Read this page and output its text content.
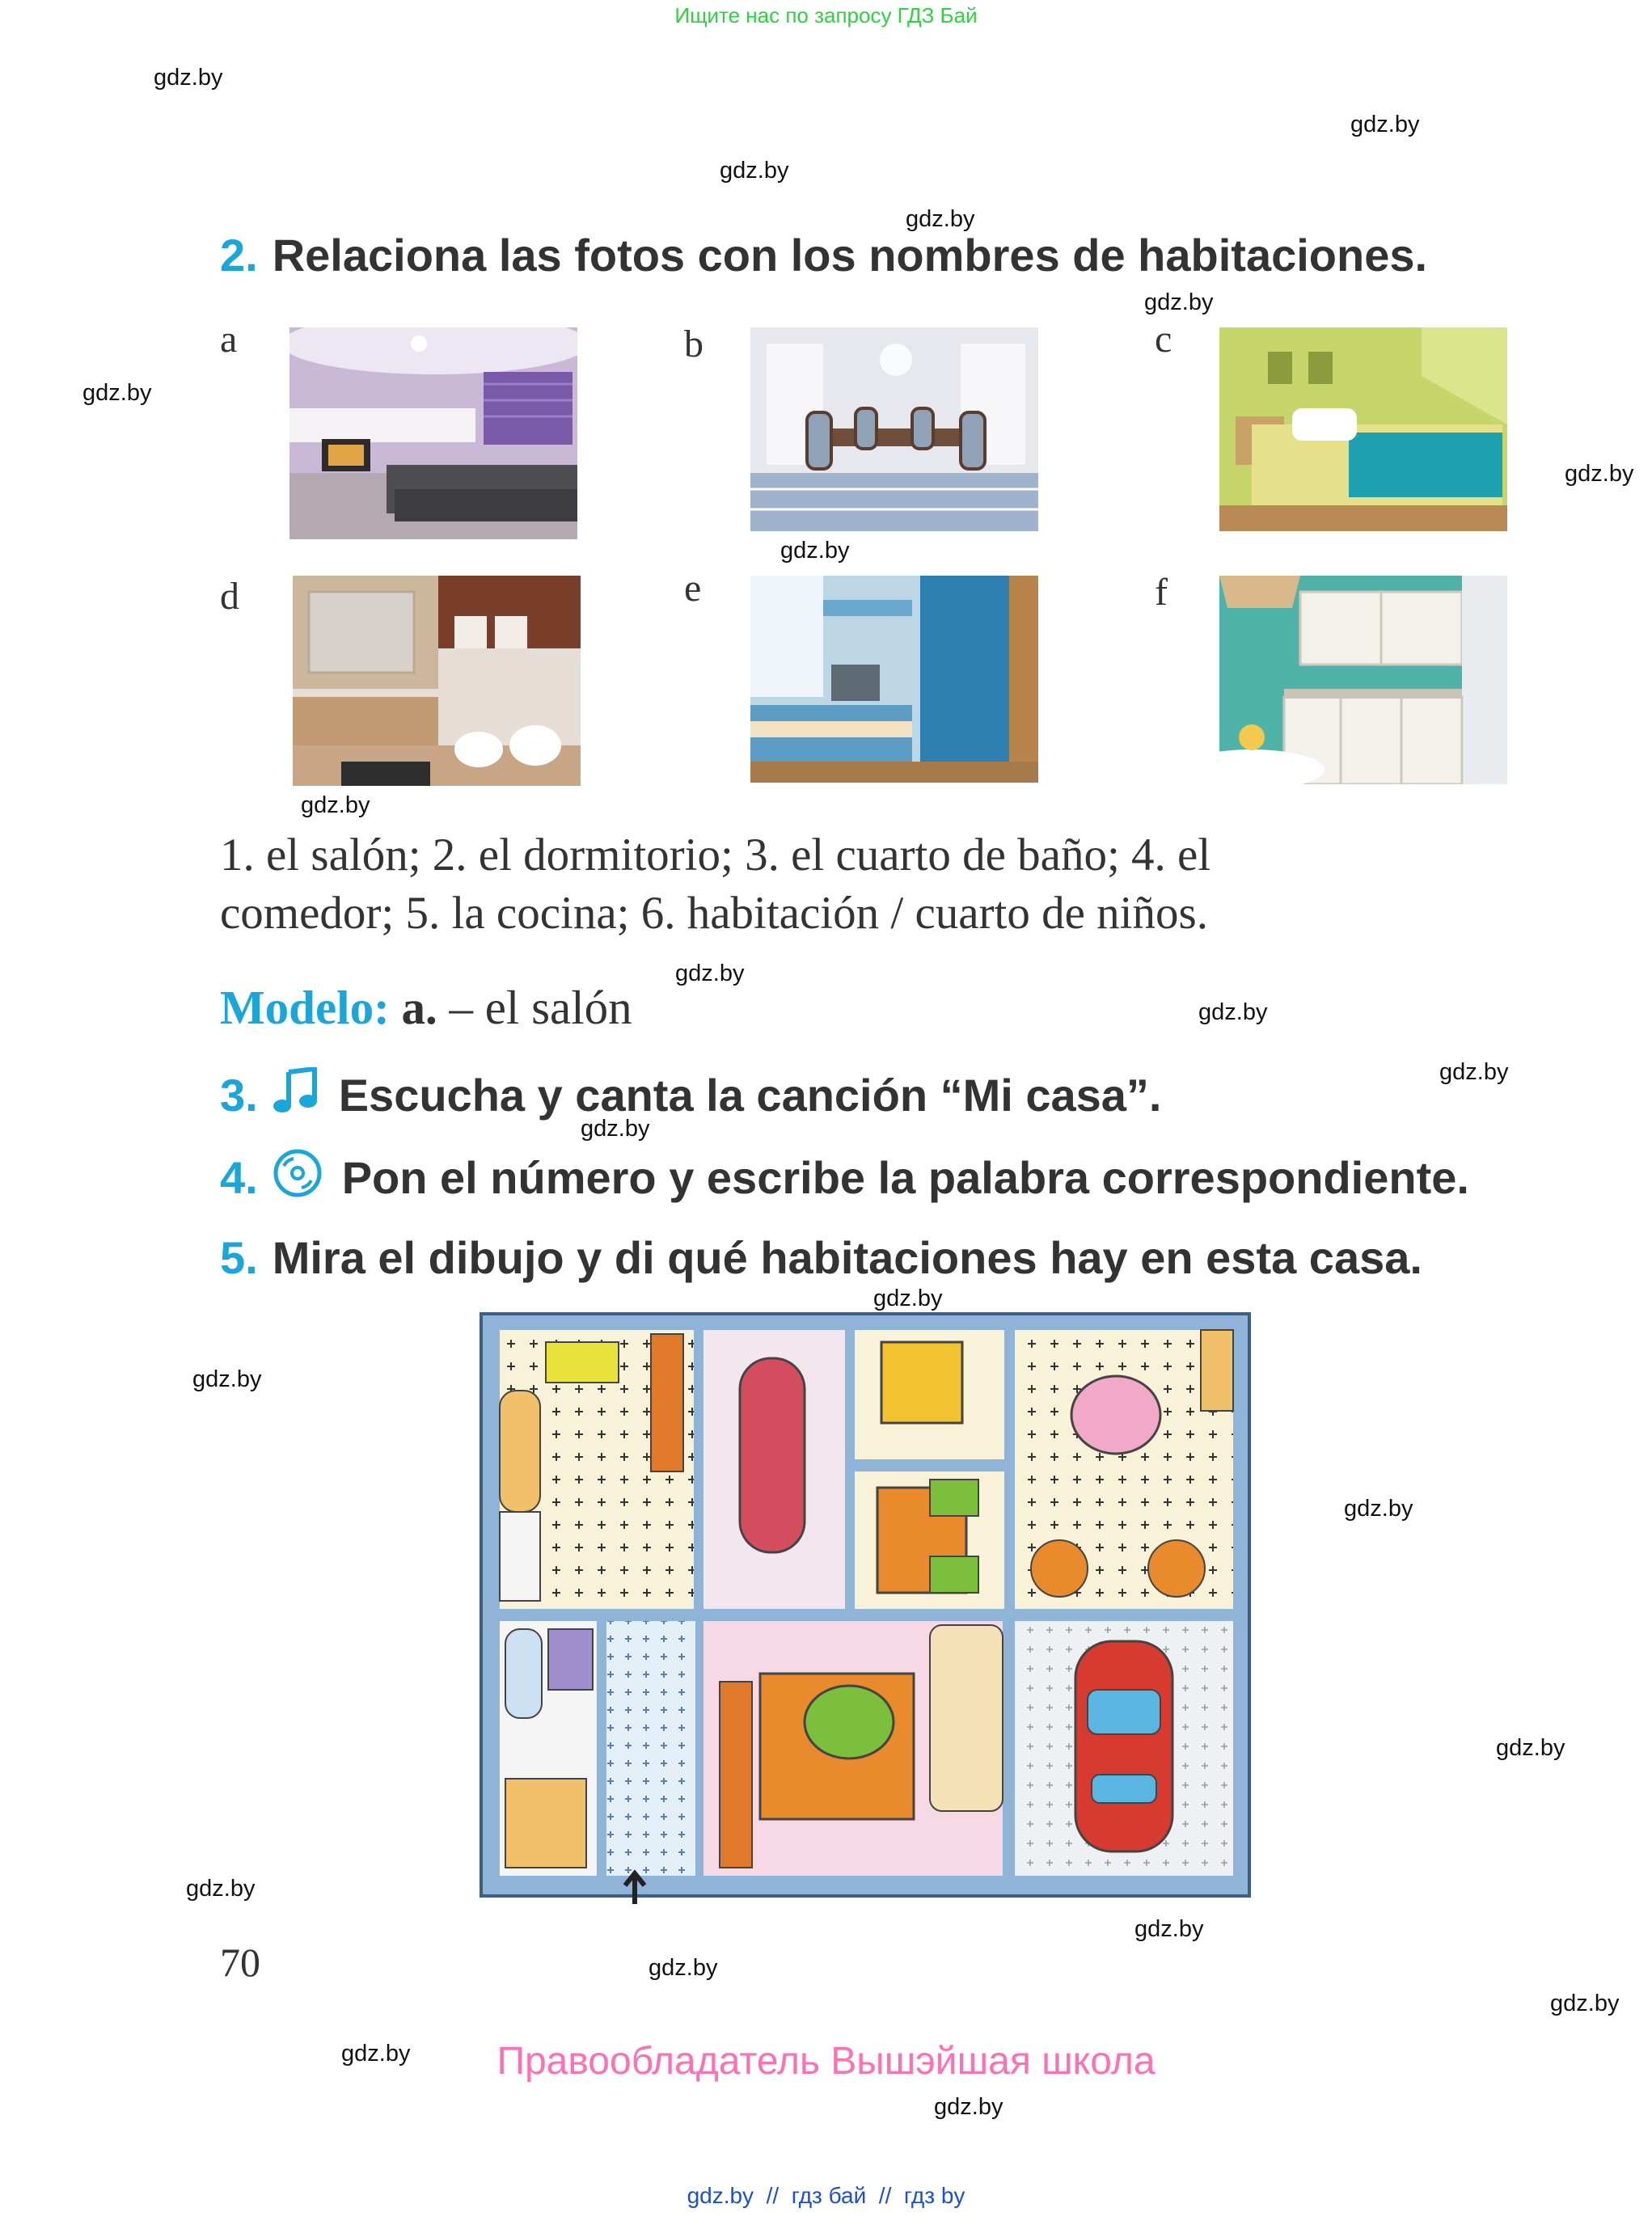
Ищите нас по запросу ГДЗ Бай
gdz.by
gdz.by
gdz.by
gdz.by
gdz.by
gdz.by
gdz.by
gdz.by
gdz.by
gdz.by
gdz.by
gdz.by
gdz.by
gdz.by
gdz.by
gdz.by
gdz.by
gdz.by
gdz.by
gdz.by
gdz.by
gdz.by
gdz.by
2. Relaciona las fotos con los nombres de habitaciones.
a	b	c
d	e	f
1. el salón; 2. el dormitorio; 3. el cuarto de baño; 4. el
comedor; 5. la cocina; 6. habitación / cuarto de niños.
Modelo: a. – el salón
3. Escucha y canta la canción “Mi casa”.
4. Pon el número y escribe la palabra correspondiente.
5. Mira el dibujo y di qué habitaciones hay en esta casa.
70
Правообладатель Вышэйшая школа
gdz.by  //  гдз бай  //  гдз by
